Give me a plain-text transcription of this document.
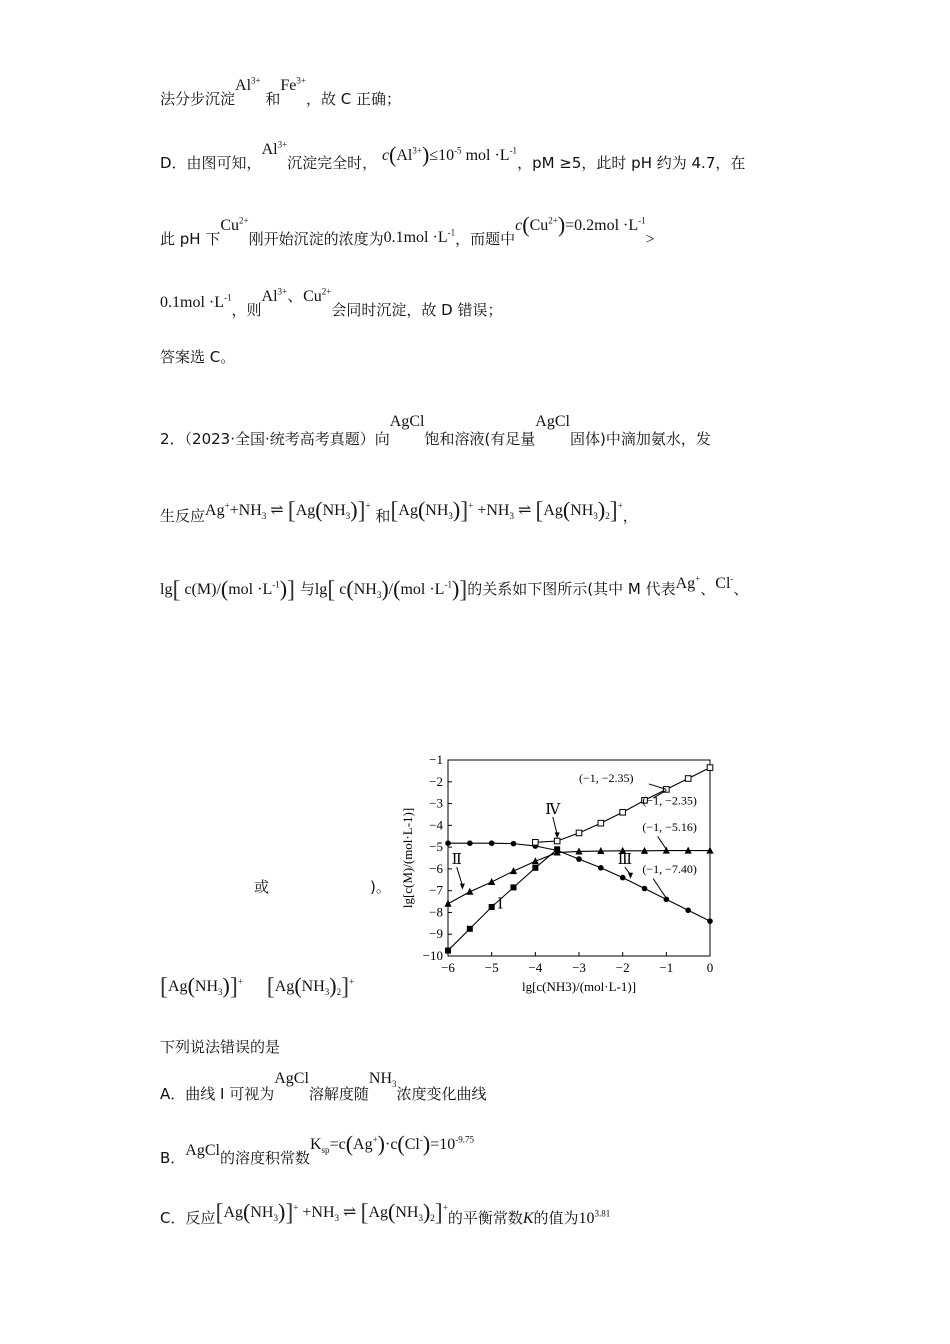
法分步沉淀$Al^{3+}$ 和$Fe^{3+}$，故 C 正确；
D．由图可知，$Al^{3+}$沉淀完全时， $c(Al^{3+})\le 10^{-5}$ mol $\cdot L^{-1}$，pM ≥5，此时 pH 约为 4.7，在
此 pH 下$Cu^{2+}$刚开始沉淀的浓度为$0.1mol \cdot L^{-1}$，而题中$c(Cu^{2+})=0.2mol \cdot L^{-1}>$
$0.1mol \cdot L^{-1}$，则$Al^{3+}$、$Cu^{2+}$会同时沉淀，故 D 错误；
答案选 C。
2．（2023·全国·统考高考真题）向AgCl饱和溶液(有足量AgCl固体)中滴加氨水，发
生反应$Ag^++NH_3$ ⇌ $[Ag(NH_3)]^+$ 和$[Ag(NH_3)]^+ +NH_3$ ⇌ $[Ag(NH_3)_2]^+$，
lg[ $c(M)/(mol \cdot L^{-1})$] 与lg[ $c(NH_3)/(mol \cdot L^{-1})$]的关系如下图所示(其中 M 代表Ag+、Cl-、
或	)。
$[Ag(NH_3)]^+$ $[Ag(NH_3)_2]^+$
下列说法错误的是
A．曲线 I 可视为AgCl溶解度随$NH_3$浓度变化曲线
B．AgCl的溶度积常数$K_{sp}=c(Ag^+)\cdot c(Cl^-)=10^{-9.75}$
C．反应$[Ag(NH_3)]^+ +NH_3$ ⇌ $[Ag(NH_3)_2]^+$的平衡常数K的值为$10^{3.81}$
−6 −5 −4 −3 −2 −1	0
−1
−2
−3
−4
−5
−6
−7
−8
−9
−10
lg[c(NH3)/(mol·L-1)]
lg[c(M)/(mol·L-1)]	Ⅰ
Ⅱ	Ⅲ
Ⅳ
(−1, −2.35)
(−1, −2.35)
(−1, −5.16)
(−1, −7.40)
